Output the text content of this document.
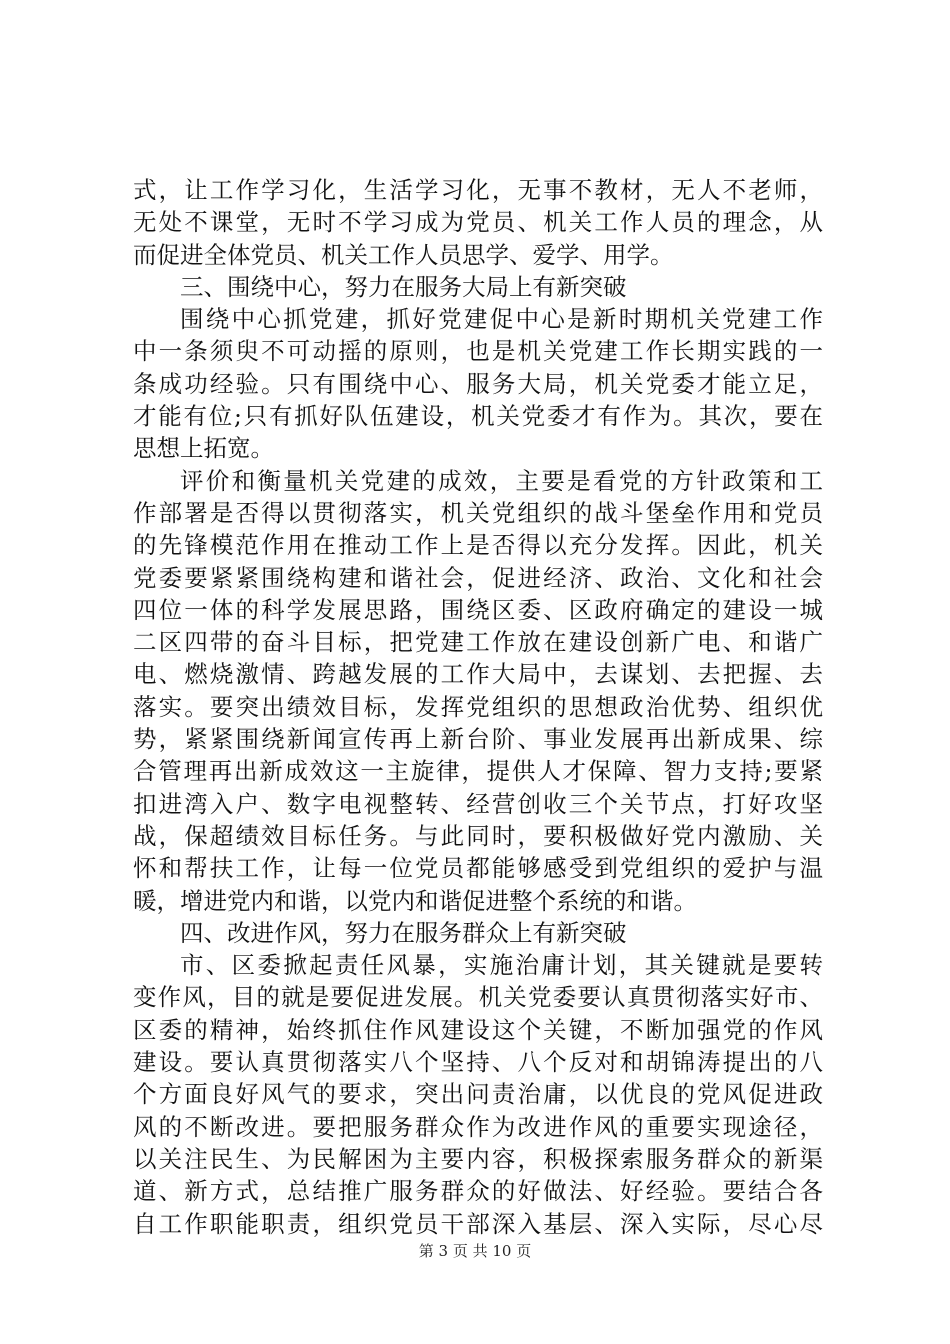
式，让工作学习化，生活学习化，无事不教材，无人不老师，
无处不课堂，无时不学习成为党员、机关工作人员的理念，从
而促进全体党员、机关工作人员思学、爱学、用学。
三、围绕中心，努力在服务大局上有新突破
围绕中心抓党建，抓好党建促中心是新时期机关党建工作
中一条须臾不可动摇的原则，也是机关党建工作长期实践的一
条成功经验。只有围绕中心、服务大局，机关党委才能立足，
才能有位;只有抓好队伍建设，机关党委才有作为。其次，要在
思想上拓宽。
评价和衡量机关党建的成效，主要是看党的方针政策和工
作部署是否得以贯彻落实，机关党组织的战斗堡垒作用和党员
的先锋模范作用在推动工作上是否得以充分发挥。因此，机关
党委要紧紧围绕构建和谐社会，促进经济、政治、文化和社会
四位一体的科学发展思路，围绕区委、区政府确定的建设一城
二区四带的奋斗目标，把党建工作放在建设创新广电、和谐广
电、燃烧激情、跨越发展的工作大局中，去谋划、去把握、去
落实。要突出绩效目标，发挥党组织的思想政治优势、组织优
势，紧紧围绕新闻宣传再上新台阶、事业发展再出新成果、综
合管理再出新成效这一主旋律，提供人才保障、智力支持;要紧
扣进湾入户、数字电视整转、经营创收三个关节点，打好攻坚
战，保超绩效目标任务。与此同时，要积极做好党内激励、关
怀和帮扶工作，让每一位党员都能够感受到党组织的爱护与温
暖，增进党内和谐，以党内和谐促进整个系统的和谐。
四、改进作风，努力在服务群众上有新突破
市、区委掀起责任风暴，实施治庸计划，其关键就是要转
变作风，目的就是要促进发展。机关党委要认真贯彻落实好市、
区委的精神，始终抓住作风建设这个关键，不断加强党的作风
建设。要认真贯彻落实八个坚持、八个反对和胡锦涛提出的八
个方面良好风气的要求，突出问责治庸，以优良的党风促进政
风的不断改进。要把服务群众作为改进作风的重要实现途径，
以关注民生、为民解困为主要内容，积极探索服务群众的新渠
道、新方式，总结推广服务群众的好做法、好经验。要结合各
自工作职能职责，组织党员干部深入基层、深入实际，尽心尽
第 3 页 共 10 页
